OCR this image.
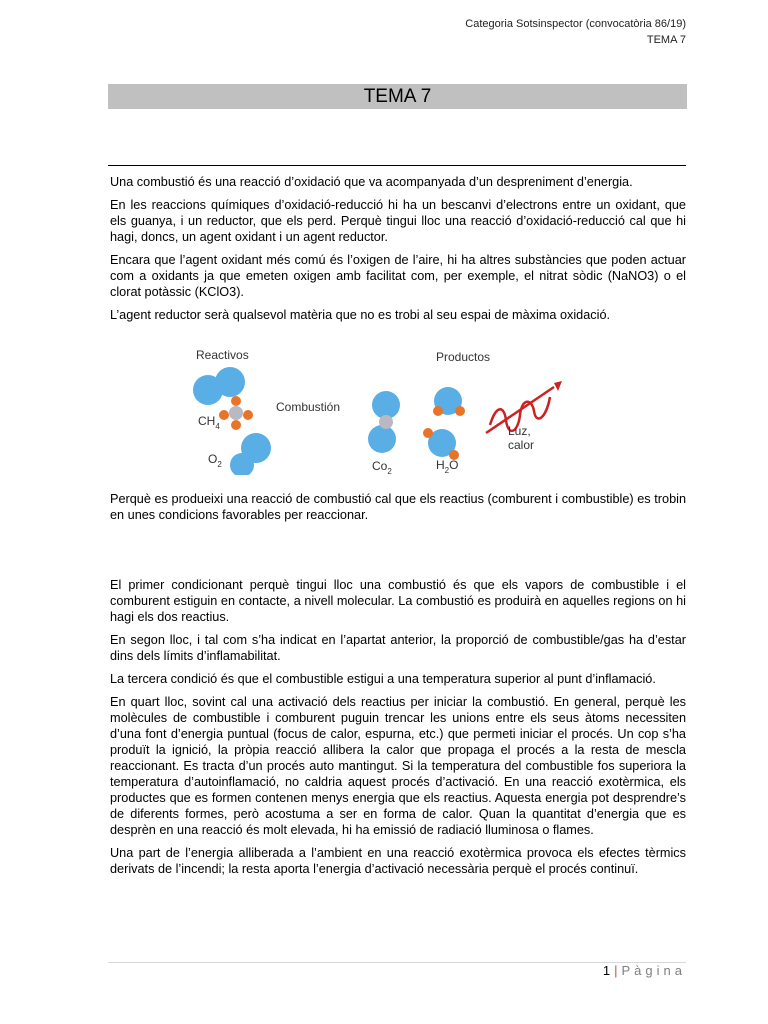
Categoria Sotsinspector (convocatòria 86/19)
TEMA 7
TEMA 7

Una combustió és una reacció d’oxidació que va acompanyada d’un despreniment d’energia.

En les reaccions químiques d’oxidació-reducció hi ha un bescanvi d’electrons entre un oxidant, que els guanya, i un reductor, que els perd. Perquè tingui lloc una reacció d’oxidació-reducció cal que hi hagi, doncs, un agent oxidant i un agent reductor.

Encara que l’agent oxidant més comú és l’oxigen de l’aire, hi ha altres substàncies que poden actuar com a oxidants ja que emeten oxigen amb facilitat com, per exemple, el nitrat sòdic (NaNO3) o el clorat potàssic (KClO3).

L’agent reductor serà qualsevol matèria que no es trobi al seu espai de màxima oxidació.

Reactivos	Productos
Combustión
$CH_4$
$O_2$	$Co_2$	$H_2O$
Luz,
calor

Perquè es produeixi una reacció de combustió cal que els reactius (comburent i combustible) es trobin en unes condicions favorables per reaccionar.

El primer condicionant perquè tingui lloc una combustió és que els vapors de combustible i el comburent estiguin en contacte, a nivell molecular. La combustió es produirà en aquelles regions on hi hagi els dos reactius.

En segon lloc, i tal com s’ha indicat en l’apartat anterior, la proporció de combustible/gas ha d’estar dins dels límits d’inflamabilitat.

La tercera condició és que el combustible estigui a una temperatura superior al punt d’inflamació.

En quart lloc, sovint cal una activació dels reactius per iniciar la combustió. En general, perquè les molècules de combustible i comburent puguin trencar les unions entre els seus àtoms necessiten d’una font d’energia puntual (focus de calor, espurna, etc.) que permeti iniciar el procés. Un cop s’ha produït la ignició, la pròpia reacció allibera la calor que propaga el procés a la resta de mescla reaccionant. Es tracta d’un procés auto mantingut. Si la temperatura del combustible fos superiora la temperatura d’autoinflamació, no caldria aquest procés d’activació. En una reacció exotèrmica, els productes que es formen contenen menys energia que els reactius. Aquesta energia pot desprendre’s de diferents formes, però acostuma a ser en forma de calor. Quan la quantitat d’energia que es desprèn en una reacció és molt elevada, hi ha emissió de radiació lluminosa o flames.

Una part de l’energia alliberada a l’ambient en una reacció exotèrmica provoca els efectes tèrmics derivats de l’incendi; la resta aporta l’energia d’activació necessària perquè el procés continuï.

1 | Pàgina
